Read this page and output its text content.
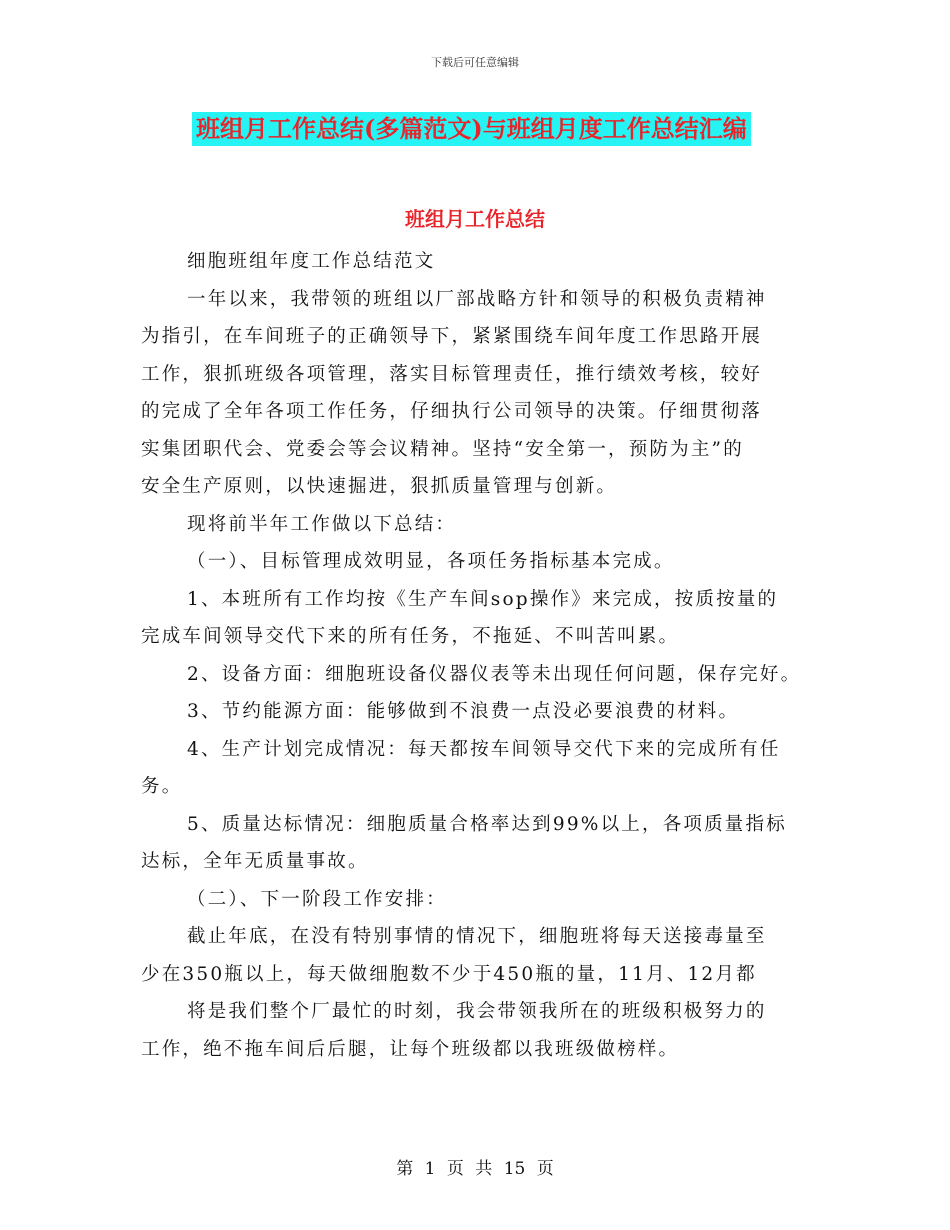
下载后可任意编辑
班组月工作总结(多篇范文)与班组月度工作总结汇编
班组月工作总结
细胞班组年度工作总结范文
一年以来，我带领的班组以厂部战略方针和领导的积极负责精神
为指引，在车间班子的正确领导下，紧紧围绕车间年度工作思路开展
工作，狠抓班级各项管理，落实目标管理责任，推行绩效考核，较好
的完成了全年各项工作任务，仔细执行公司领导的决策。仔细贯彻落
实集团职代会、党委会等会议精神。坚持“安全第一，预防为主”的
安全生产原则，以快速掘进，狠抓质量管理与创新。
现将前半年工作做以下总结：
（一）、目标管理成效明显，各项任务指标基本完成。
1、本班所有工作均按《生产车间sop操作》来完成，按质按量的
完成车间领导交代下来的所有任务，不拖延、不叫苦叫累。
2、设备方面：细胞班设备仪器仪表等未出现任何问题，保存完好。
3、节约能源方面：能够做到不浪费一点没必要浪费的材料。
4、生产计划完成情况：每天都按车间领导交代下来的完成所有任
务。
5、质量达标情况：细胞质量合格率达到99%以上，各项质量指标
达标，全年无质量事故。
（二）、下一阶段工作安排：
截止年底，在没有特别事情的情况下，细胞班将每天送接毒量至
少在350瓶以上，每天做细胞数不少于450瓶的量，11月、12月都
将是我们整个厂最忙的时刻，我会带领我所在的班级积极努力的
工作，绝不拖车间后后腿，让每个班级都以我班级做榜样。
第 1 页 共 15 页
